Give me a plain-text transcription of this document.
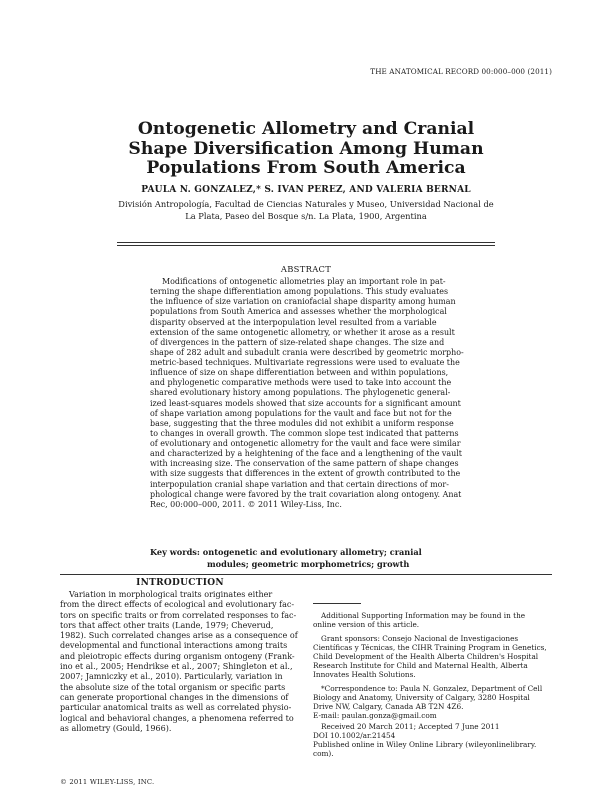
THE ANATOMICAL RECORD 00:000–000 (2011)
Ontogenetic Allometry and Cranial
Shape Diversification Among Human
Populations From South America
PAULA N. GONZALEZ,* S. IVAN PEREZ, AND VALERIA BERNAL
División Antropología, Facultad de Ciencias Naturales y Museo, Universidad Nacional de
La Plata, Paseo del Bosque s/n. La Plata, 1900, Argentina
ABSTRACT
Modifications of ontogenetic allometries play an important role in pat-
terning the shape differentiation among populations. This study evaluates
the influence of size variation on craniofacial shape disparity among human
populations from South America and assesses whether the morphological
disparity observed at the interpopulation level resulted from a variable
extension of the same ontogenetic allometry, or whether it arose as a result
of divergences in the pattern of size-related shape changes. The size and
shape of 282 adult and subadult crania were described by geometric morpho-
metric-based techniques. Multivariate regressions were used to evaluate the
influence of size on shape differentiation between and within populations,
and phylogenetic comparative methods were used to take into account the
shared evolutionary history among populations. The phylogenetic general-
ized least-squares models showed that size accounts for a significant amount
of shape variation among populations for the vault and face but not for the
base, suggesting that the three modules did not exhibit a uniform response
to changes in overall growth. The common slope test indicated that patterns
of evolutionary and ontogenetic allometry for the vault and face were similar
and characterized by a heightening of the face and a lengthening of the vault
with increasing size. The conservation of the same pattern of shape changes
with size suggests that differences in the extent of growth contributed to the
interpopulation cranial shape variation and that certain directions of mor-
phological change were favored by the trait covariation along ontogeny. Anat
Rec, 00:000–000, 2011. © 2011 Wiley-Liss, Inc.
Key words: ontogenetic and evolutionary allometry; cranial
modules; geometric morphometrics; growth
INTRODUCTION
Variation in morphological traits originates either
from the direct effects of ecological and evolutionary fac-
tors on specific traits or from correlated responses to fac-
tors that affect other traits (Lande, 1979; Cheverud,
1982). Such correlated changes arise as a consequence of
developmental and functional interactions among traits
and pleiotropic effects during organism ontogeny (Frank-
ino et al., 2005; Hendrikse et al., 2007; Shingleton et al.,
2007; Jamniczky et al., 2010). Particularly, variation in
the absolute size of the total organism or specific parts
can generate proportional changes in the dimensions of
particular anatomical traits as well as correlated physio-
logical and behavioral changes, a phenomena referred to
as allometry (Gould, 1966).
Additional Supporting Information may be found in the
online version of this article.
Grant sponsors: Consejo Nacional de Investigaciones
Científicas y Técnicas, the CIHR Training Program in Genetics,
Child Development of the Health Alberta Children's Hospital
Research Institute for Child and Maternal Health, Alberta
Innovates Health Solutions.
*Correspondence to: Paula N. Gonzalez, Department of Cell
Biology and Anatomy, University of Calgary, 3280 Hospital
Drive NW, Calgary, Canada AB T2N 4Z6.
E-mail: paulan.gonza@gmail.com
Received 20 March 2011; Accepted 7 June 2011
DOI 10.1002/ar.21454
Published online in Wiley Online Library (wileyonlinelibrary.
com).
© 2011 WILEY-LISS, INC.
